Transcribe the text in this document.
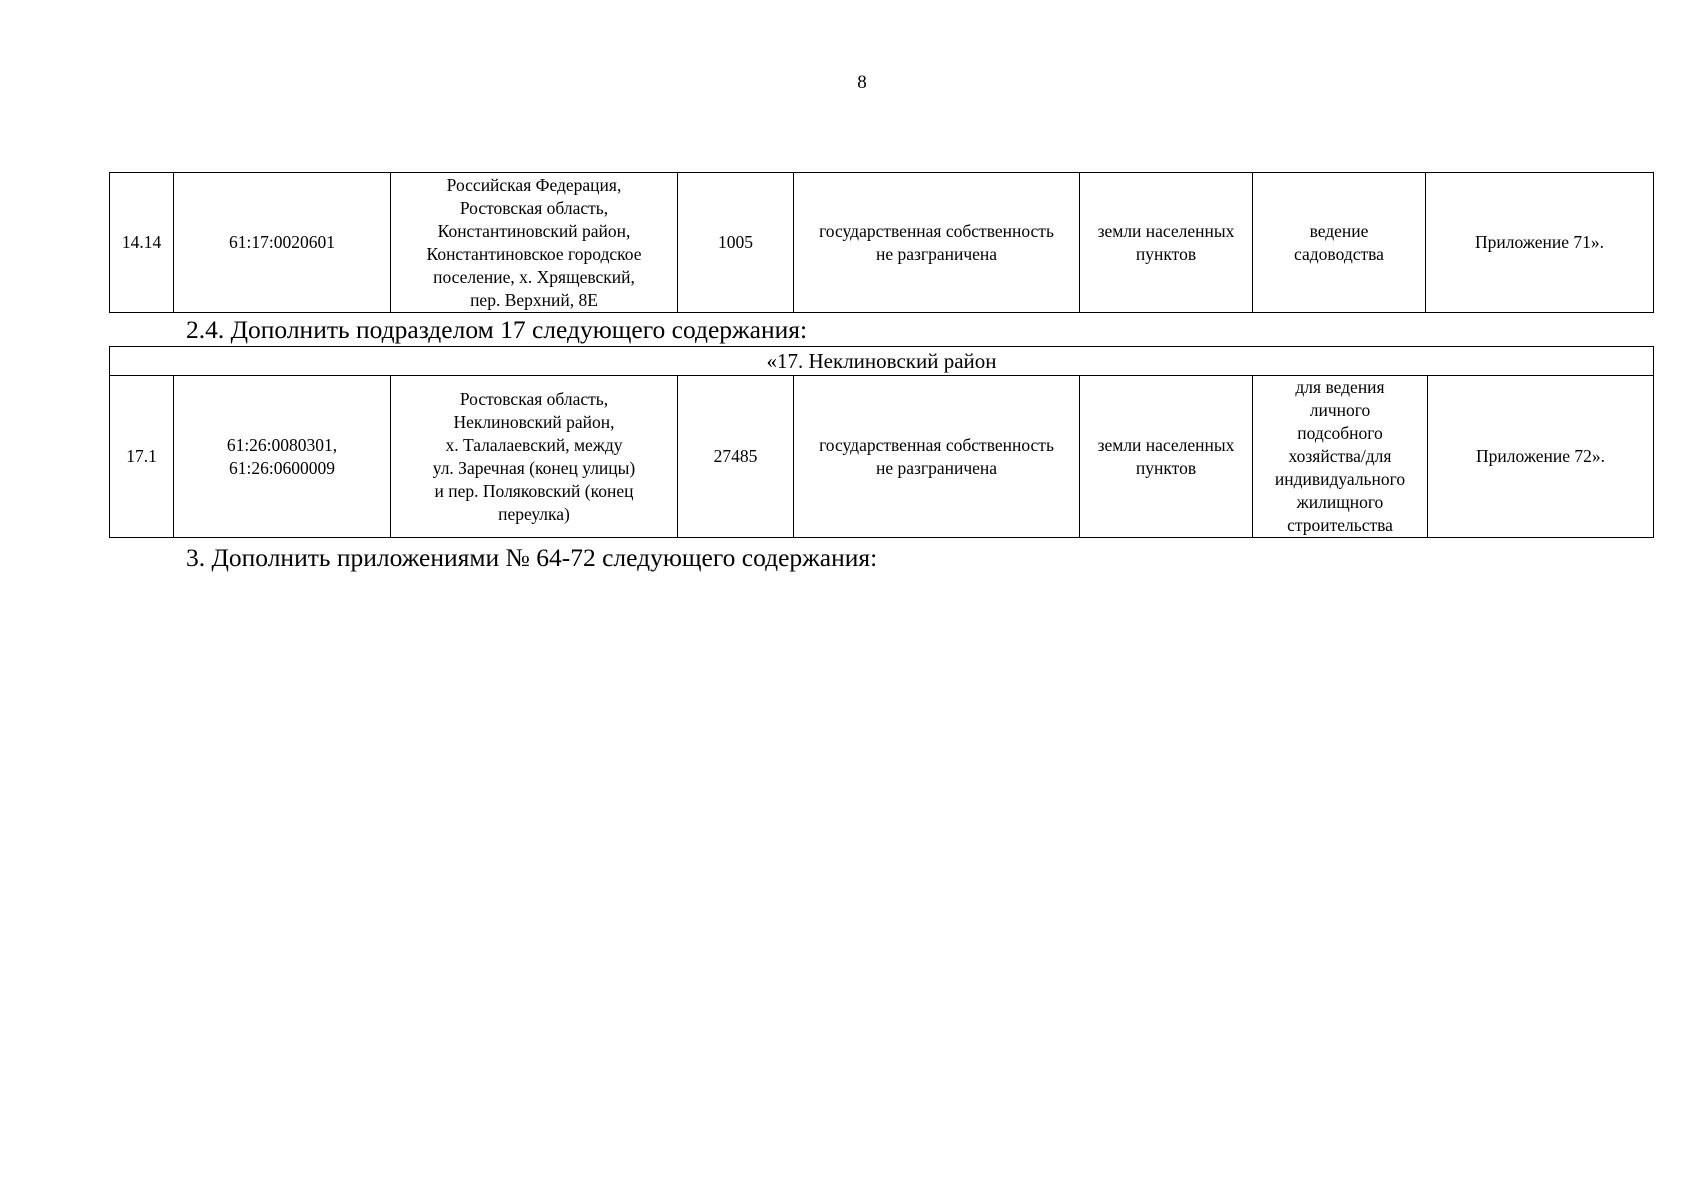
8
14.14	61:17:0020601	Российская Федерация,
Ростовская область,
Константиновский район,
Константиновское городское
поселение, х. Хрящевский,
пер. Верхний, 8Е	1005	государственная собственность
не разграничена	земли населенных
пунктов	ведение
садоводства	Приложение 71».
2.4. Дополнить подразделом 17 следующего содержания:
«17. Неклиновский район
17.1	61:26:0080301,
61:26:0600009	Ростовская область,
Неклиновский район,
х. Талалаевский, между
ул. Заречная (конец улицы)
и пер. Поляковский (конец
переулка)	27485	государственная собственность
не разграничена	земли населенных
пунктов	для ведения
личного
подсобного
хозяйства/для
индивидуального
жилищного
строительства	Приложение 72».
3. Дополнить приложениями № 64-72 следующего содержания:
